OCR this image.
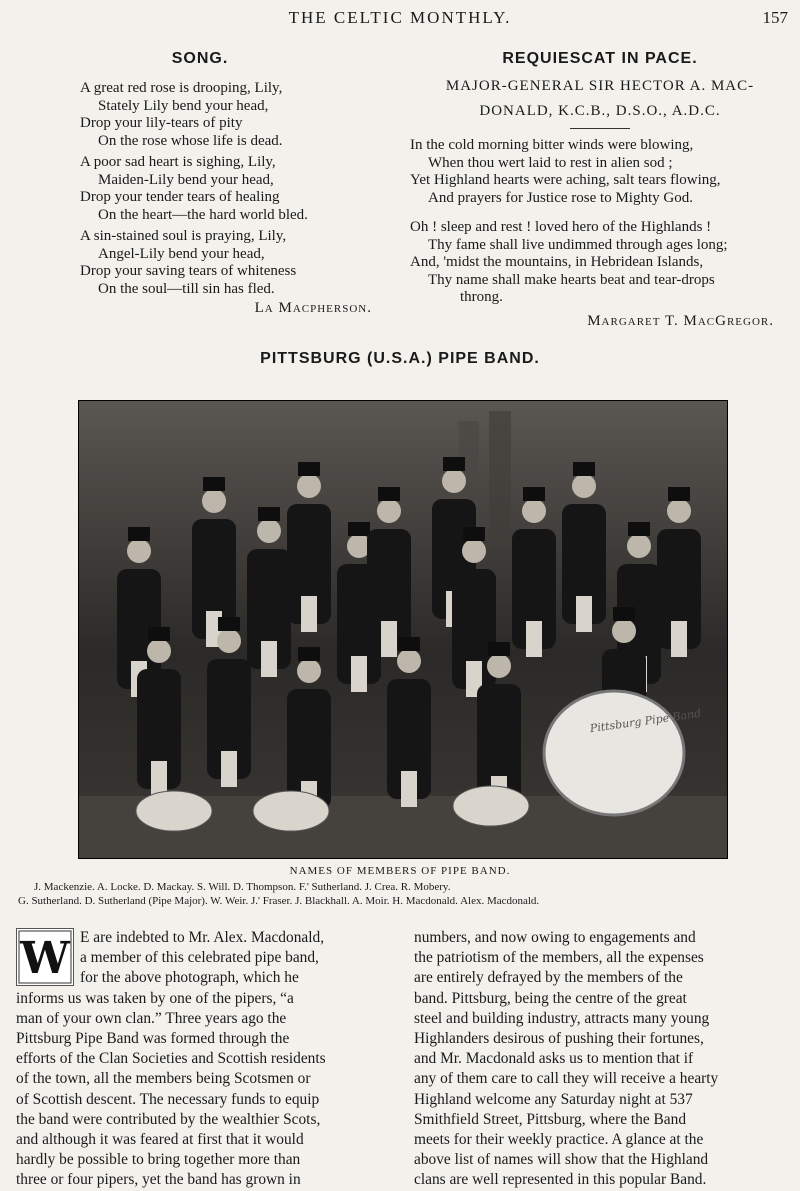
THE CELTIC MONTHLY.	157
SONG.
A great red rose is drooping, Lily,
Stately Lily bend your head,
Drop your lily-tears of pity
On the rose whose life is dead.
A poor sad heart is sighing, Lily,
Maiden-Lily bend your head,
Drop your tender tears of healing
On the heart—the hard world bled.
A sin-stained soul is praying, Lily,
Angel-Lily bend your head,
Drop your saving tears of whiteness
On the soul—till sin has fled.
La Macpherson.
REQUIESCAT IN PACE.
MAJOR-GENERAL SIR HECTOR A. MAC-
DONALD, K.C.B., D.S.O., A.D.C.
In the cold morning bitter winds were blowing,
When thou wert laid to rest in alien sod ;
Yet Highland hearts were aching, salt tears flowing,
And prayers for Justice rose to Mighty God.
Oh ! sleep and rest ! loved hero of the Highlands !
Thy fame shall live undimmed through ages long;
And, 'midst the mountains, in Hebridean Islands,
Thy name shall make hearts beat and tear-drops
throng.
Margaret T. MacGregor.
PITTSBURG (U.S.A.) PIPE BAND.
Pittsburg Pipe Band
NAMES OF MEMBERS OF PIPE BAND.
J. Mackenzie. A. Locke. D. Mackay. S. Will. D. Thompson. F.' Sutherland. J. Crea. R. Mobery.
G. Sutherland. D. Sutherland (Pipe Major). W. Weir. J.' Fraser. J. Blackhall. A. Moir. H. Macdonald. Alex. Macdonald.
W E are indebted to Mr. Alex. Macdonald,
a member of this celebrated pipe band,
for the above photograph, which he
informs us was taken by one of the pipers, “a
man of your own clan.” Three years ago the
Pittsburg Pipe Band was formed through the
efforts of the Clan Societies and Scottish residents
of the town, all the members being Scotsmen or
of Scottish descent. The necessary funds to equip
the band were contributed by the wealthier Scots,
and although it was feared at first that it would
hardly be possible to bring together more than
three or four pipers, yet the band has grown in
numbers, and now owing to engagements and
the patriotism of the members, all the expenses
are entirely defrayed by the members of the
band. Pittsburg, being the centre of the great
steel and building industry, attracts many young
Highlanders desirous of pushing their fortunes,
and Mr. Macdonald asks us to mention that if
any of them care to call they will receive a hearty
Highland welcome any Saturday night at 537
Smithfield Street, Pittsburg, where the Band
meets for their weekly practice. A glance at the
above list of names will show that the Highland
clans are well represented in this popular Band.
